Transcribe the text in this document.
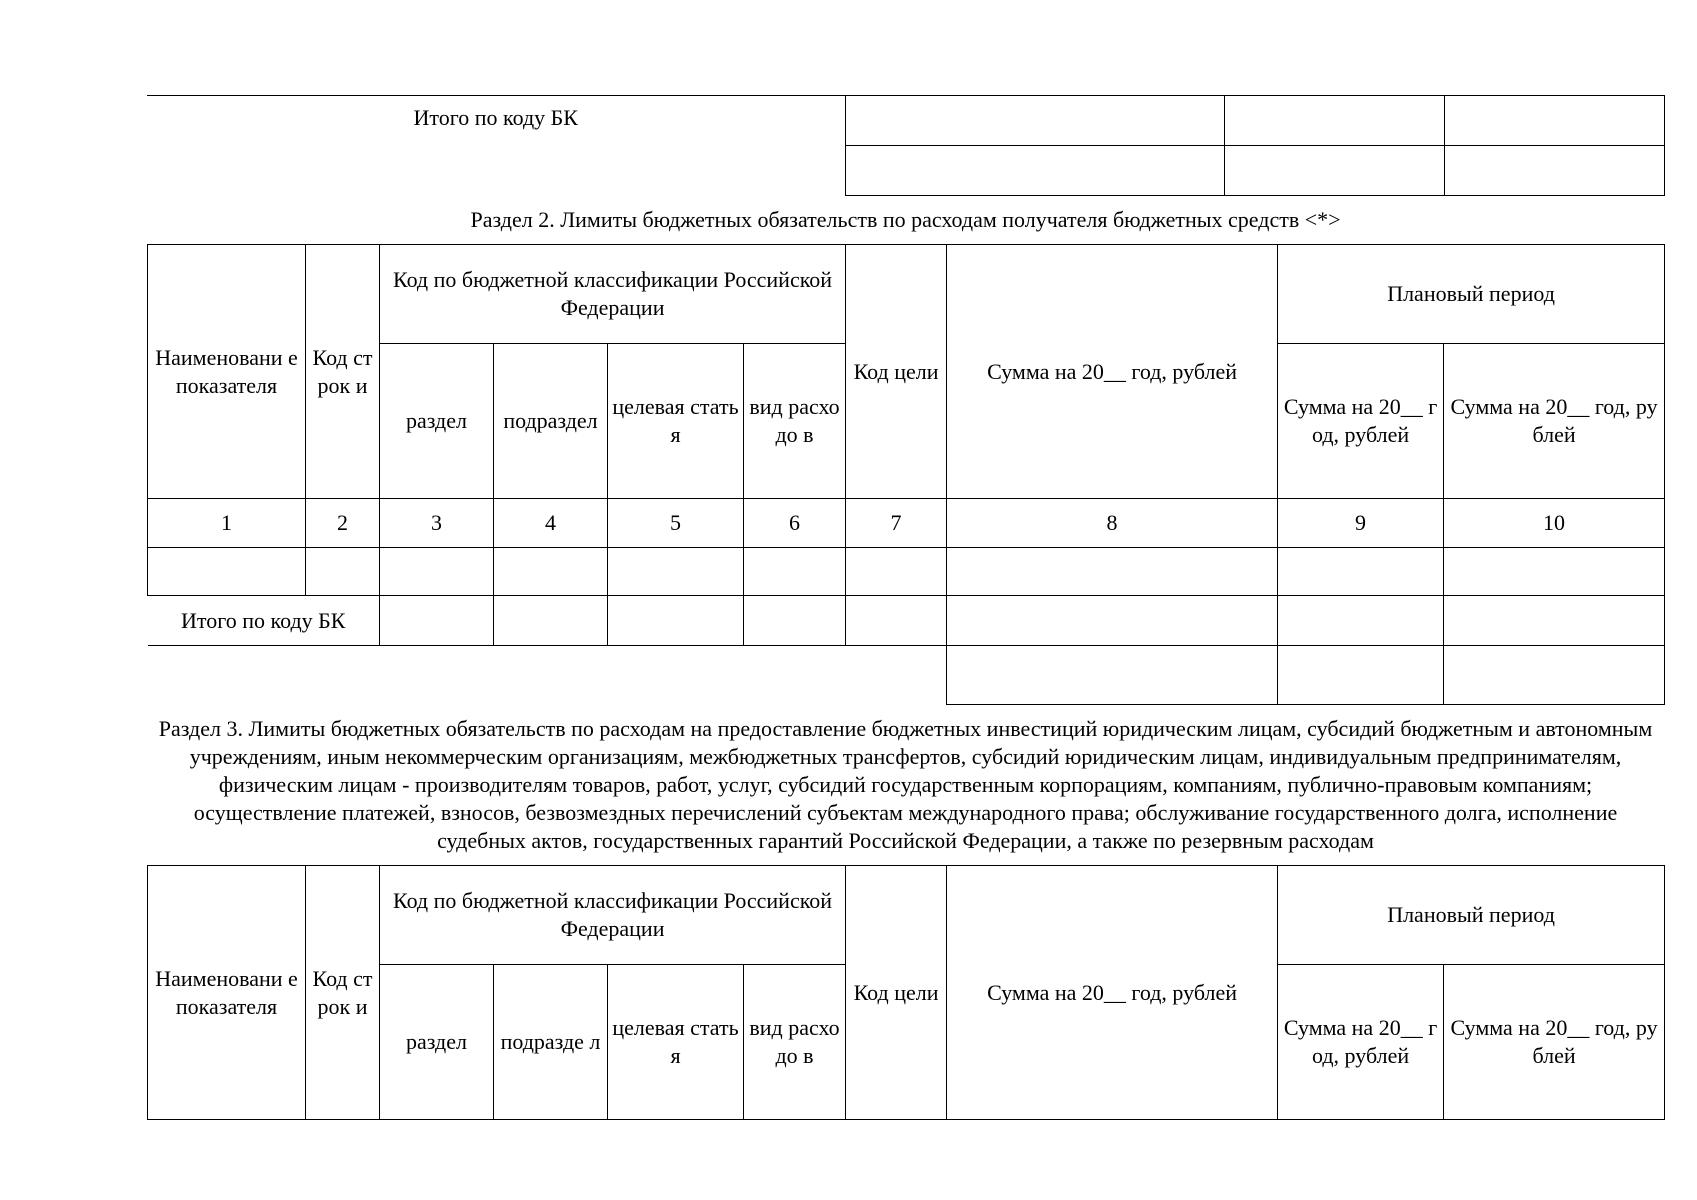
Итого по коду БК			

Раздел 2. Лимиты бюджетных обязательств по расходам получателя бюджетных средств <*>

Наименовани е показателя	Код строк и	Код по бюджетной классификации Российской Федерации				Код цели	Сумма на 20__ год, рублей	Плановый период	
		раздел	подраздел	целевая статья	вид расходо в			Сумма на 20__ год, рублей	Сумма на 20__ год, рублей
1	2	3	4	5	6	7	8	9	10

Итого по коду БК									

Раздел 3. Лимиты бюджетных обязательств по расходам на предоставление бюджетных инвестиций юридическим лицам, субсидий бюджетным и автономным учреждениям, иным некоммерческим организациям, межбюджетных трансфертов, субсидий юридическим лицам, индивидуальным предпринимателям, физическим лицам - производителям товаров, работ, услуг, субсидий государственным корпорациям, компаниям, публично-правовым компаниям; осуществление платежей, взносов, безвозмездных перечислений субъектам международного права; обслуживание государственного долга, исполнение судебных актов, государственных гарантий Российской Федерации, а также по резервным расходам

Наименовани е показателя	Код строк и	Код по бюджетной классификации Российской Федерации				Код цели	Сумма на 20__ год, рублей	Плановый период	
		раздел	подразде л	целевая статья	вид расходо в			Сумма на 20__ год, рублей	Сумма на 20__ год, рублей
